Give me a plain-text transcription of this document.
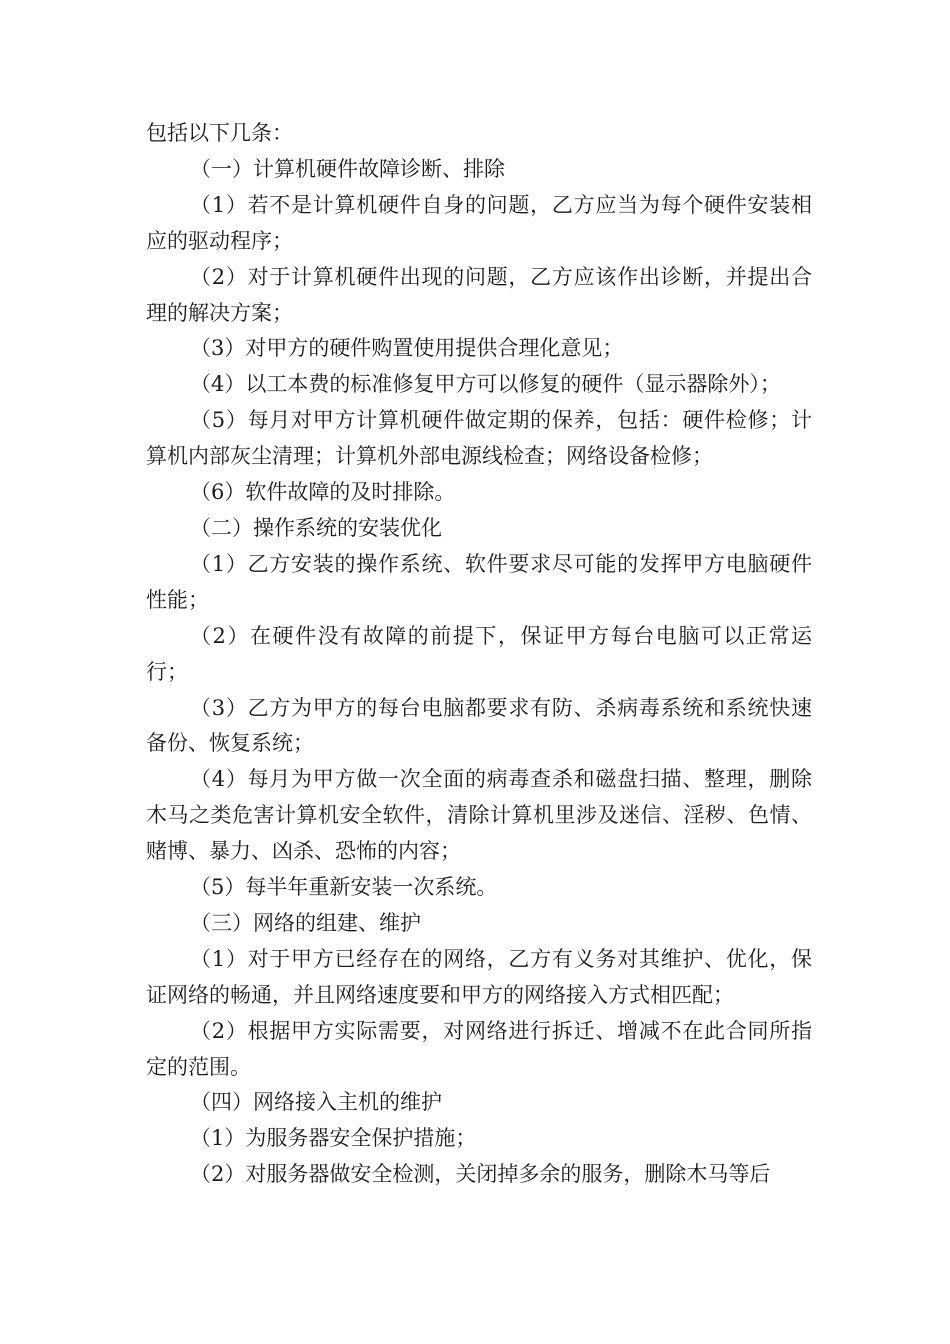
包括以下几条：

（一）计算机硬件故障诊断、排除

（1）若不是计算机硬件自身的问题，乙方应当为每个硬件安装相应的驱动程序；

（2）对于计算机硬件出现的问题，乙方应该作出诊断，并提出合理的解决方案；

（3）对甲方的硬件购置使用提供合理化意见；

（4）以工本费的标准修复甲方可以修复的硬件（显示器除外）；

（5）每月对甲方计算机硬件做定期的保养，包括：硬件检修；计算机内部灰尘清理；计算机外部电源线检查；网络设备检修；

（6）软件故障的及时排除。

（二）操作系统的安装优化

（1）乙方安装的操作系统、软件要求尽可能的发挥甲方电脑硬件性能；

（2）在硬件没有故障的前提下，保证甲方每台电脑可以正常运行；

（3）乙方为甲方的每台电脑都要求有防、杀病毒系统和系统快速备份、恢复系统；

（4）每月为甲方做一次全面的病毒查杀和磁盘扫描、整理，删除木马之类危害计算机安全软件，清除计算机里涉及迷信、淫秽、色情、赌博、暴力、凶杀、恐怖的内容；

（5）每半年重新安装一次系统。

（三）网络的组建、维护

（1）对于甲方已经存在的网络，乙方有义务对其维护、优化，保证网络的畅通，并且网络速度要和甲方的网络接入方式相匹配；

（2）根据甲方实际需要，对网络进行拆迁、增减不在此合同所指定的范围。

（四）网络接入主机的维护

（1）为服务器安全保护措施；

（2）对服务器做安全检测，关闭掉多余的服务，删除木马等后
